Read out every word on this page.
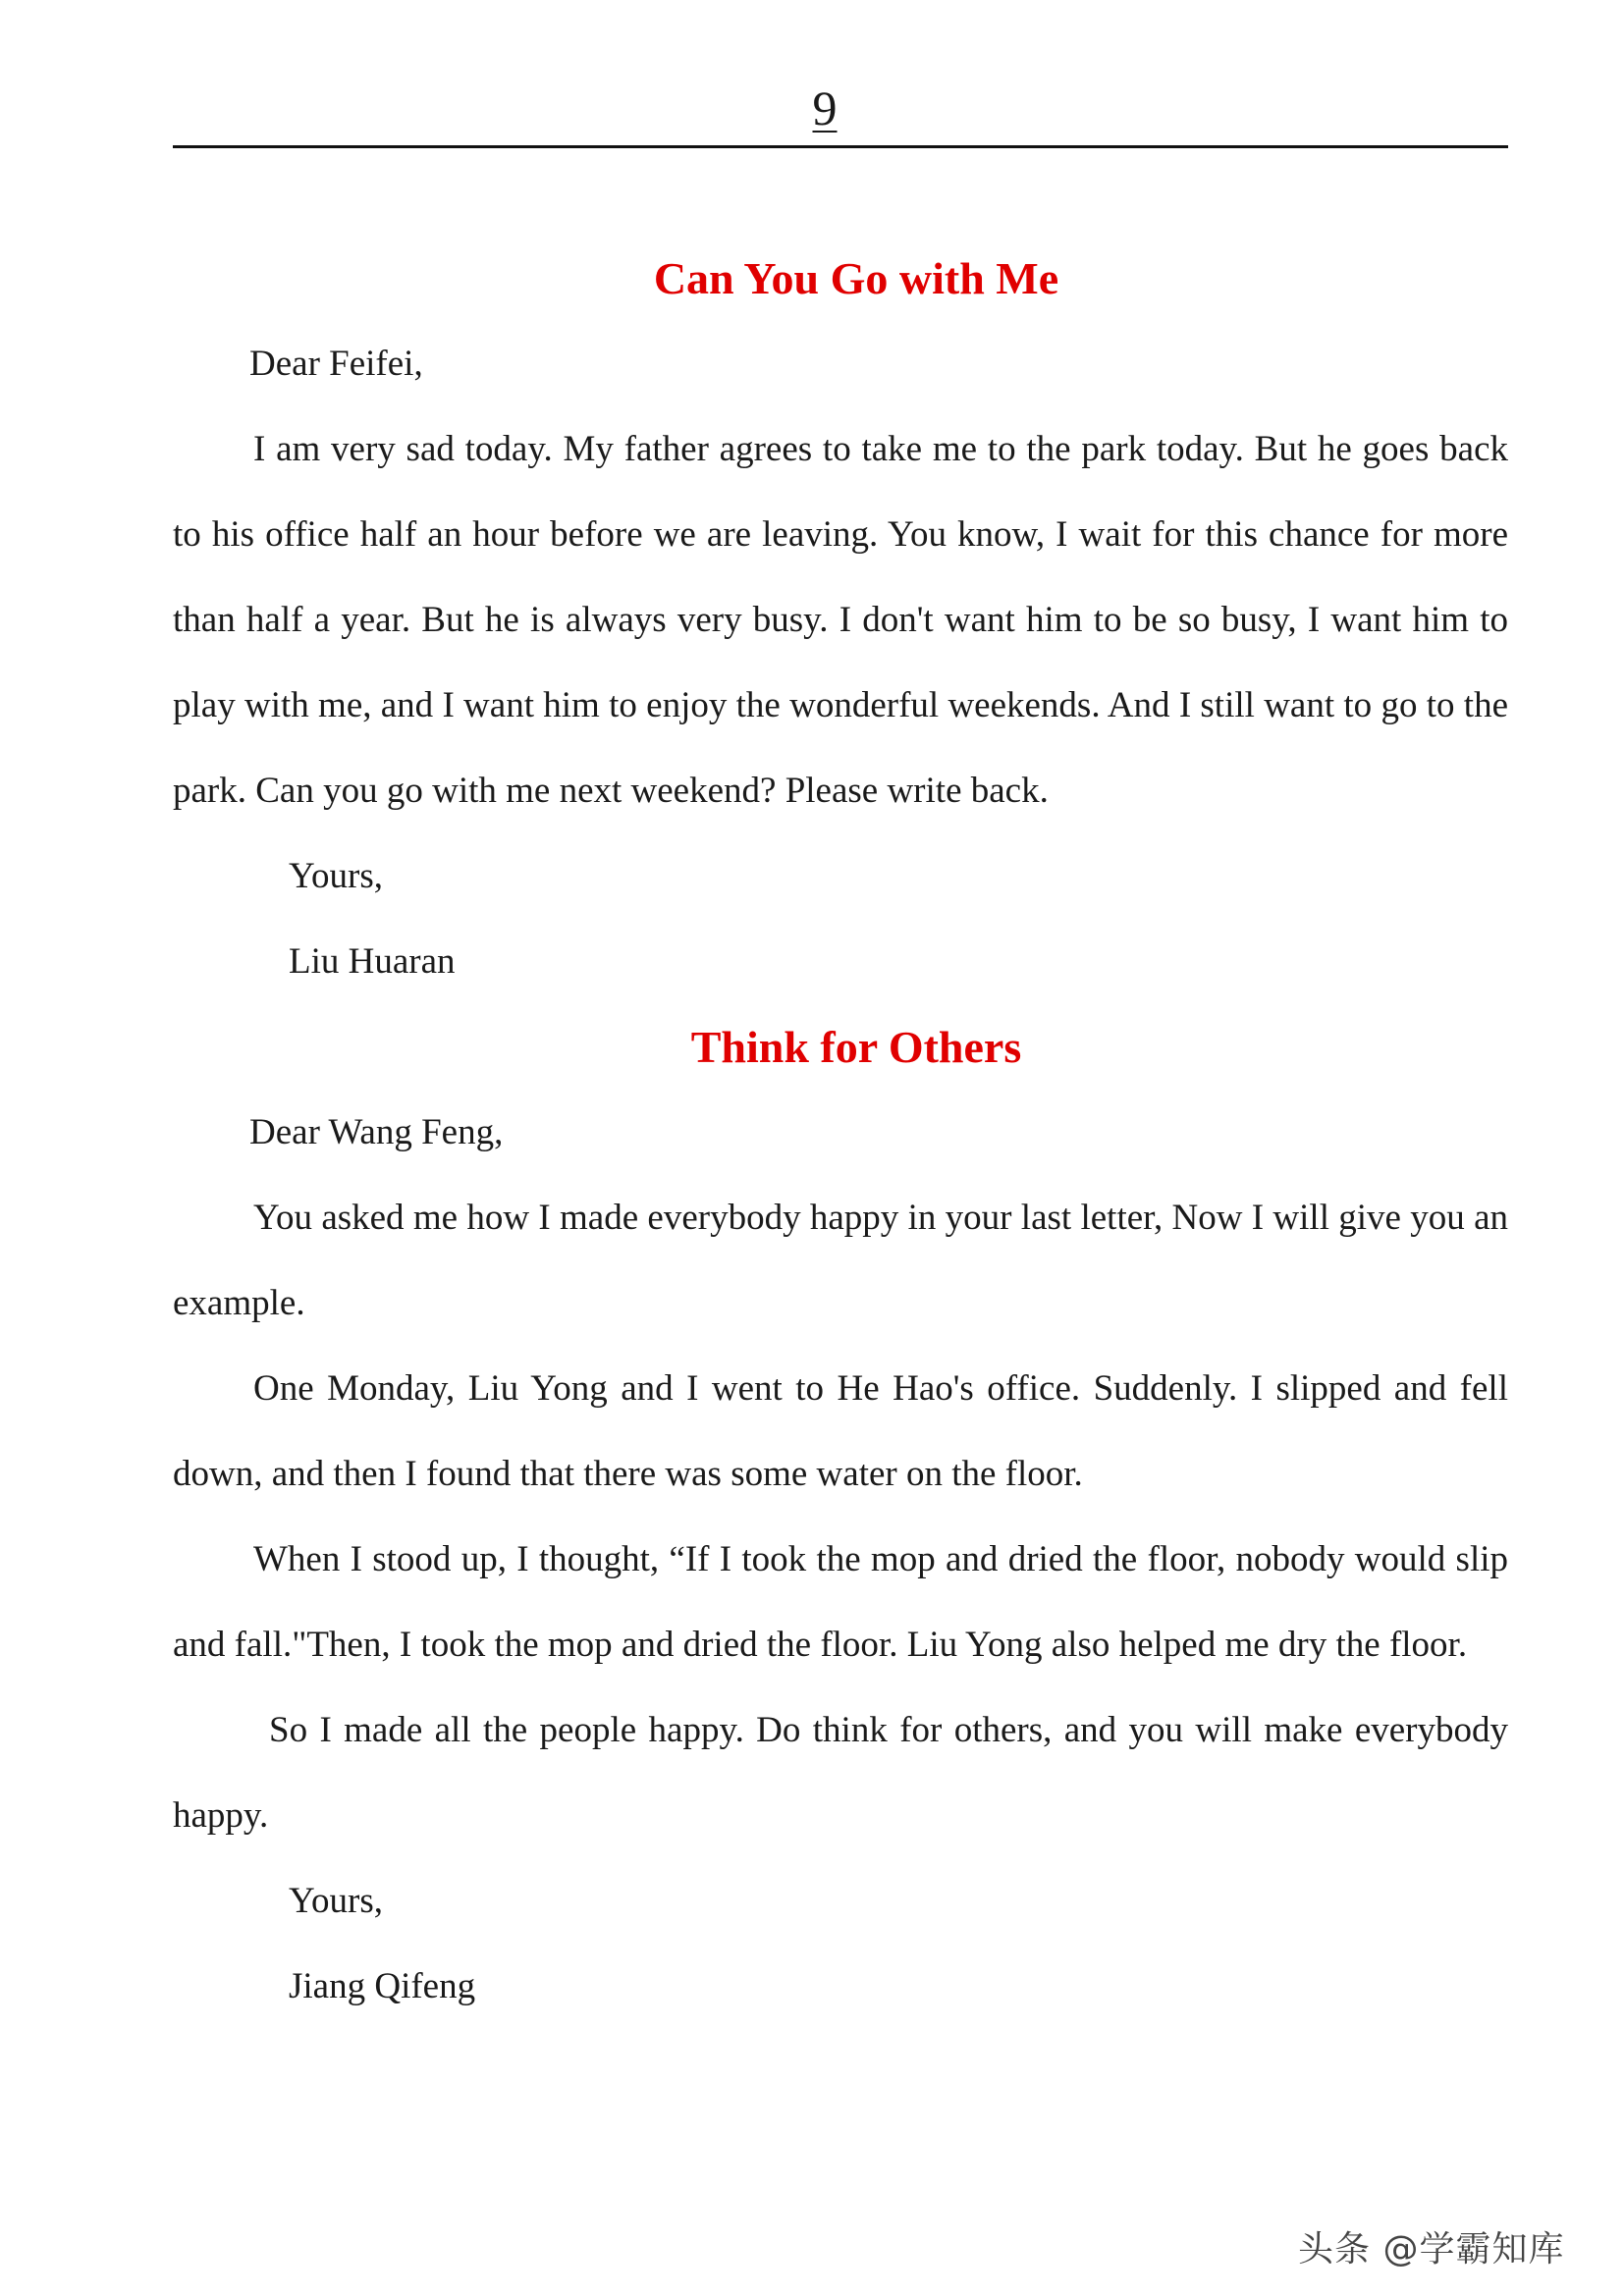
9
Can You Go with Me

Dear Feifei,

I am very sad today. My father agrees to take me to the park today. But he goes back to his office half an hour before we are leaving. You know, I wait for this chance for more than half a year. But he is always very busy. I don't want him to be so busy, I want him to play with me, and I want him to enjoy the wonderful weekends. And I still want to go to the park. Can you go with me next weekend? Please write back.

Yours,

Liu Huaran

Think for Others

Dear Wang Feng,

You asked me how I made everybody happy in your last letter, Now I will give you an example.

One Monday, Liu Yong and I went to He Hao's office. Suddenly. I slipped and fell down, and then I found that there was some water on the floor.

When I stood up, I thought, “If I took the mop and dried the floor, nobody would slip and fall."Then, I took the mop and dried the floor. Liu Yong also helped me dry the floor.

So I made all the people happy. Do think for others, and you will make everybody happy.

Yours,

Jiang Qifeng

头条 @学霸知库
